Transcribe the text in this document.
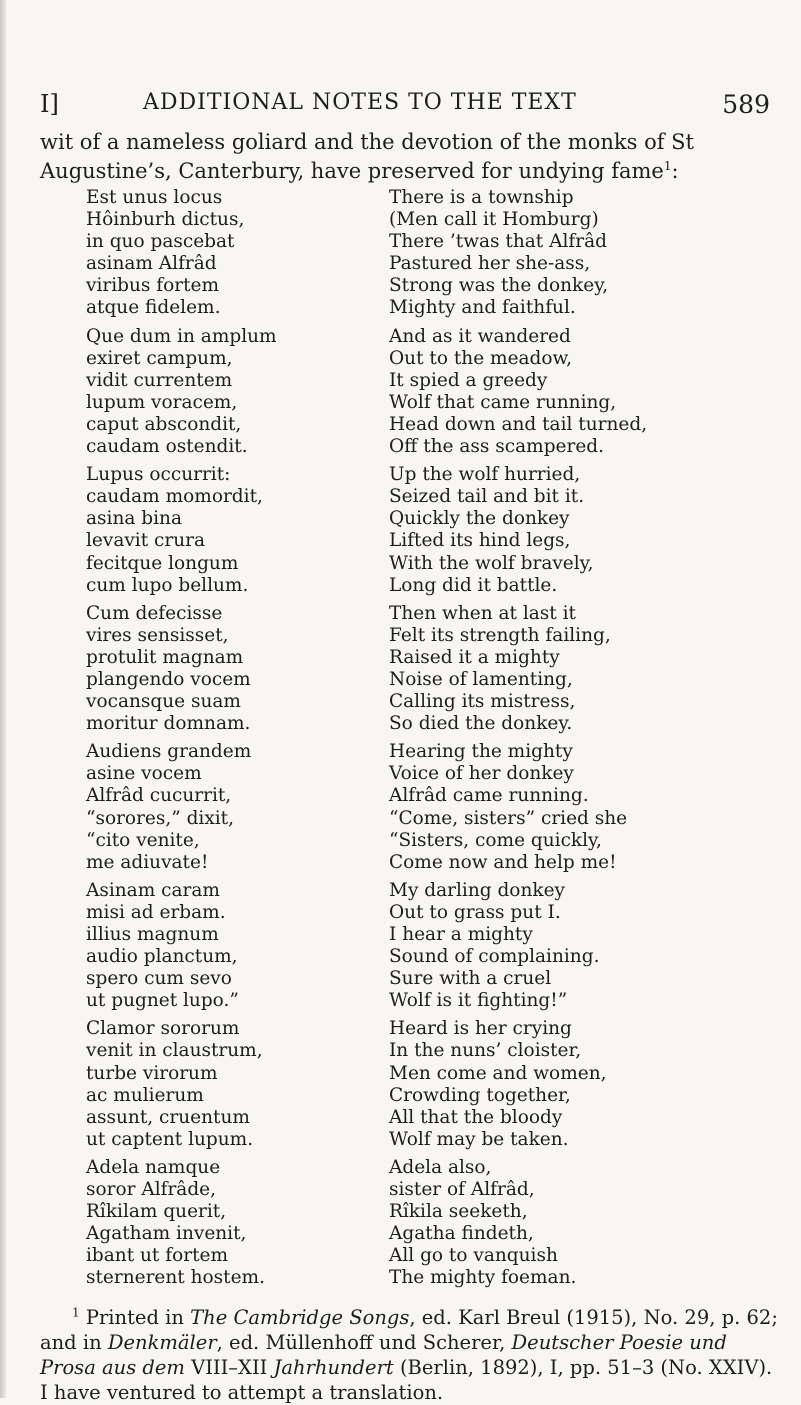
I]	ADDITIONAL NOTES TO THE TEXT	589

wit of a nameless goliard and the devotion of the monks of St Augustine’s, Canterbury, have preserved for undying fame$^1$:

Est unus locus
Hôinburh dictus,
in quo pascebat
asinam Alfrâd
viribus fortem
atque fidelem.
Que dum in amplum
exiret campum,
vidit currentem
lupum voracem,
caput abscondit,
caudam ostendit.
Lupus occurrit:
caudam momordit,
asina bina
levavit crura
fecitque longum
cum lupo bellum.
Cum defecisse
vires sensisset,
protulit magnam
plangendo vocem
vocansque suam
moritur domnam.
Audiens grandem
asine vocem
Alfrâd cucurrit,
“sorores,” dixit,
“cito venite,
me adiuvate!
Asinam caram
misi ad erbam.
illius magnum
audio planctum,
spero cum sevo
ut pugnet lupo.”
Clamor sororum
venit in claustrum,
turbe virorum
ac mulierum
assunt, cruentum
ut captent lupum.
Adela namque
soror Alfrâde,
Rîkilam querit,
Agatham invenit,
ibant ut fortem
sternerent hostem.
There is a township
(Men call it Homburg)
There ’twas that Alfrâd
Pastured her she-ass,
Strong was the donkey,
Mighty and faithful.
And as it wandered
Out to the meadow,
It spied a greedy
Wolf that came running,
Head down and tail turned,
Off the ass scampered.
Up the wolf hurried,
Seized tail and bit it.
Quickly the donkey
Lifted its hind legs,
With the wolf bravely,
Long did it battle.
Then when at last it
Felt its strength failing,
Raised it a mighty
Noise of lamenting,
Calling its mistress,
So died the donkey.
Hearing the mighty
Voice of her donkey
Alfrâd came running.
“Come, sisters” cried she
“Sisters, come quickly,
Come now and help me!
My darling donkey
Out to grass put I.
I hear a mighty
Sound of complaining.
Sure with a cruel
Wolf is it fighting!”
Heard is her crying
In the nuns’ cloister,
Men come and women,
Crowding together,
All that the bloody
Wolf may be taken.
Adela also,
sister of Alfrâd,
Rîkila seeketh,
Agatha findeth,
All go to vanquish
The mighty foeman.

$^1$ Printed in The Cambridge Songs, ed. Karl Breul (1915), No. 29, p. 62; and in Denkmäler, ed. Müllenhoff und Scherer, Deutscher Poesie und Prosa aus dem VIII–XII Jahrhundert (Berlin, 1892), I, pp. 51–3 (No. XXIV). I have ventured to attempt a translation.
